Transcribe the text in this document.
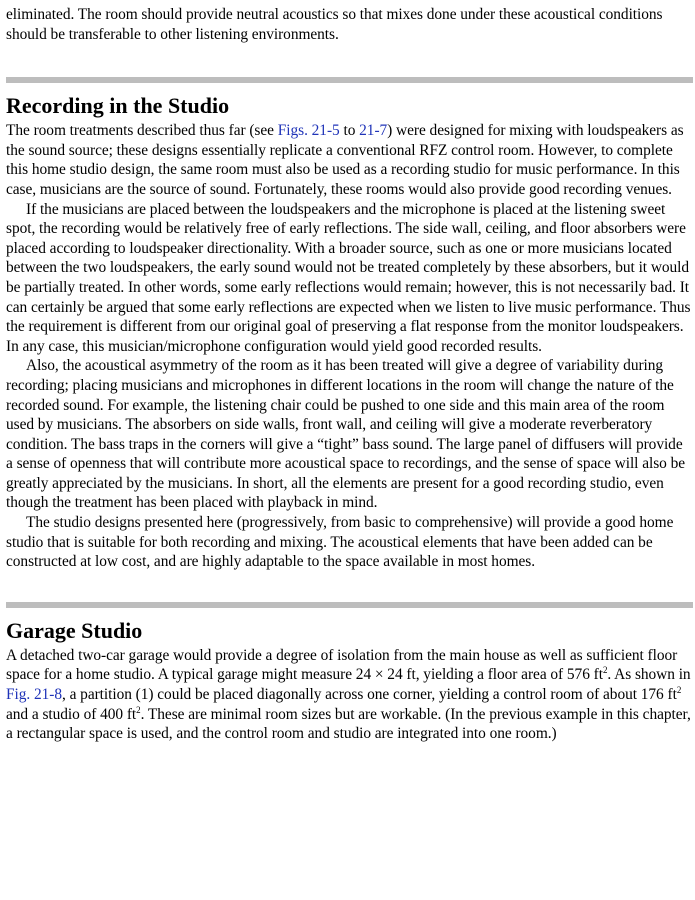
eliminated. The room should provide neutral acoustics so that mixes done under these acoustical conditions should be transferable to other listening environments.

Recording in the Studio

The room treatments described thus far (see Figs. 21-5 to 21-7) were designed for mixing with loudspeakers as the sound source; these designs essentially replicate a conventional RFZ control room. However, to complete this home studio design, the same room must also be used as a recording studio for music performance. In this case, musicians are the source of sound. Fortunately, these rooms would also provide good recording venues.

If the musicians are placed between the loudspeakers and the microphone is placed at the listening sweet spot, the recording would be relatively free of early reflections. The side wall, ceiling, and floor absorbers were placed according to loudspeaker directionality. With a broader source, such as one or more musicians located between the two loudspeakers, the early sound would not be treated completely by these absorbers, but it would be partially treated. In other words, some early reflections would remain; however, this is not necessarily bad. It can certainly be argued that some early reflections are expected when we listen to live music performance. Thus the requirement is different from our original goal of preserving a flat response from the monitor loudspeakers. In any case, this musician/microphone configuration would yield good recorded results.

Also, the acoustical asymmetry of the room as it has been treated will give a degree of variability during recording; placing musicians and microphones in different locations in the room will change the nature of the recorded sound. For example, the listening chair could be pushed to one side and this main area of the room used by musicians. The absorbers on side walls, front wall, and ceiling will give a moderate reverberatory condition. The bass traps in the corners will give a “tight” bass sound. The large panel of diffusers will provide a sense of openness that will contribute more acoustical space to recordings, and the sense of space will also be greatly appreciated by the musicians. In short, all the elements are present for a good recording studio, even though the treatment has been placed with playback in mind.

The studio designs presented here (progressively, from basic to comprehensive) will provide a good home studio that is suitable for both recording and mixing. The acoustical elements that have been added can be constructed at low cost, and are highly adaptable to the space available in most homes.

Garage Studio

A detached two-car garage would provide a degree of isolation from the main house as well as sufficient floor space for a home studio. A typical garage might measure 24 × 24 ft, yielding a floor area of 576 $ft^2$. As shown in Fig. 21-8, a partition (1) could be placed diagonally across one corner, yielding a control room of about 176 $ft^2$ and a studio of 400 $ft^2$. These are minimal room sizes but are workable. (In the previous example in this chapter, a rectangular space is used, and the control room and studio are integrated into one room.)
